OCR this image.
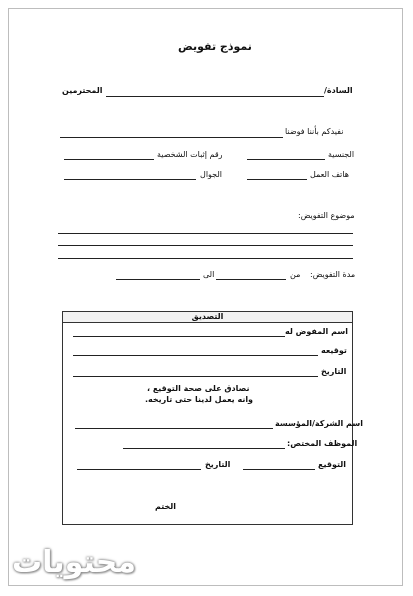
نموذج تفويض
السادة/
المحترمين
نفيدكم بأننا فوضنا
الجنسية
رقم إثبات الشخصية
هاتف العمل
الجوال
موضوع التفويض:
مدة التفويض:
من
الى
التصديق
اسم المفوض له
توقيعه
التاريخ
نصادق على صحة التوقيع ،
وانه يعمل لدينا حتى تاريخه.
اسم الشركة/المؤسسة
الموظف المختص:
التوقيع
التاريخ
الختم
محتويات
